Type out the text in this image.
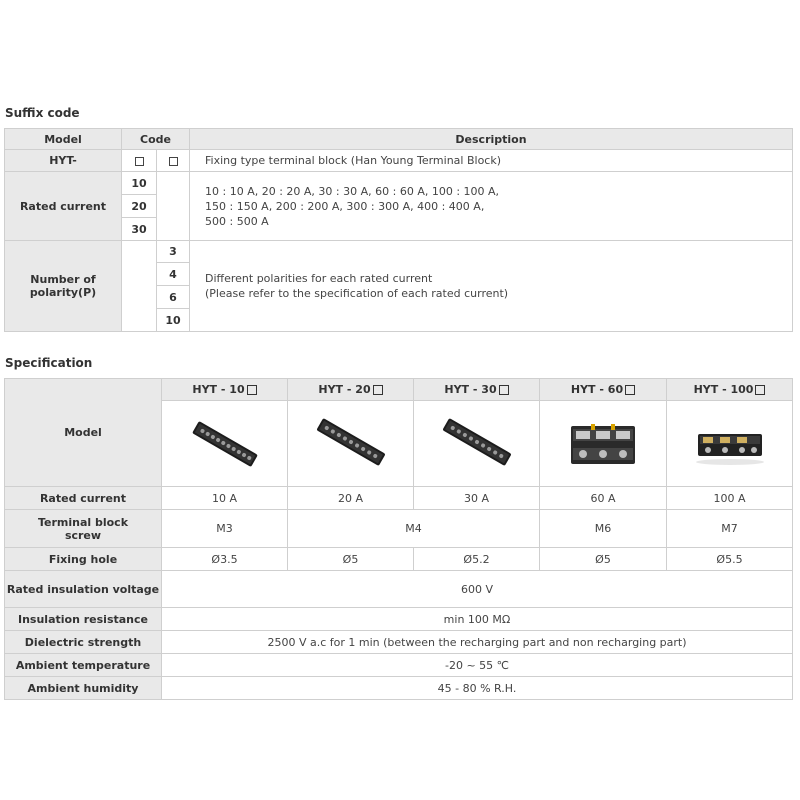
Suffix code
Model	Code		Description
HYT-			Fixing type terminal block (Han Young Terminal Block)
Rated current	10		10 : 10 A, 20 : 20 A, 30 : 30 A, 60 : 60 A, 100 : 100 A,
150 : 150 A, 200 : 200 A, 300 : 300 A, 400 : 400 A,
500 : 500 A

	20		
	30		
Number of polarity(P)		3	Different polarities for each rated current
(Please refer to the specification of each rated current)

		4	
		6	
		10	
Specification
Model	HYT - 10	HYT - 20	HYT - 30	HYT - 60	HYT - 100

Rated current	10 A	20 A	30 A	60 A	100 A

Terminal block
screw	M3	M4		M6	M7
Fixing hole	Ø3.5	Ø5	Ø5.2	Ø5	Ø5.5
Rated insulation voltage	600 V				
Insulation resistance	min 100 MΩ				
Dielectric strength	2500 V a.c for 1 min (between the recharging part and non recharging part)				
Ambient temperature	-20 ~ 55 ℃				
Ambient humidity	45 - 80 % R.H.				
